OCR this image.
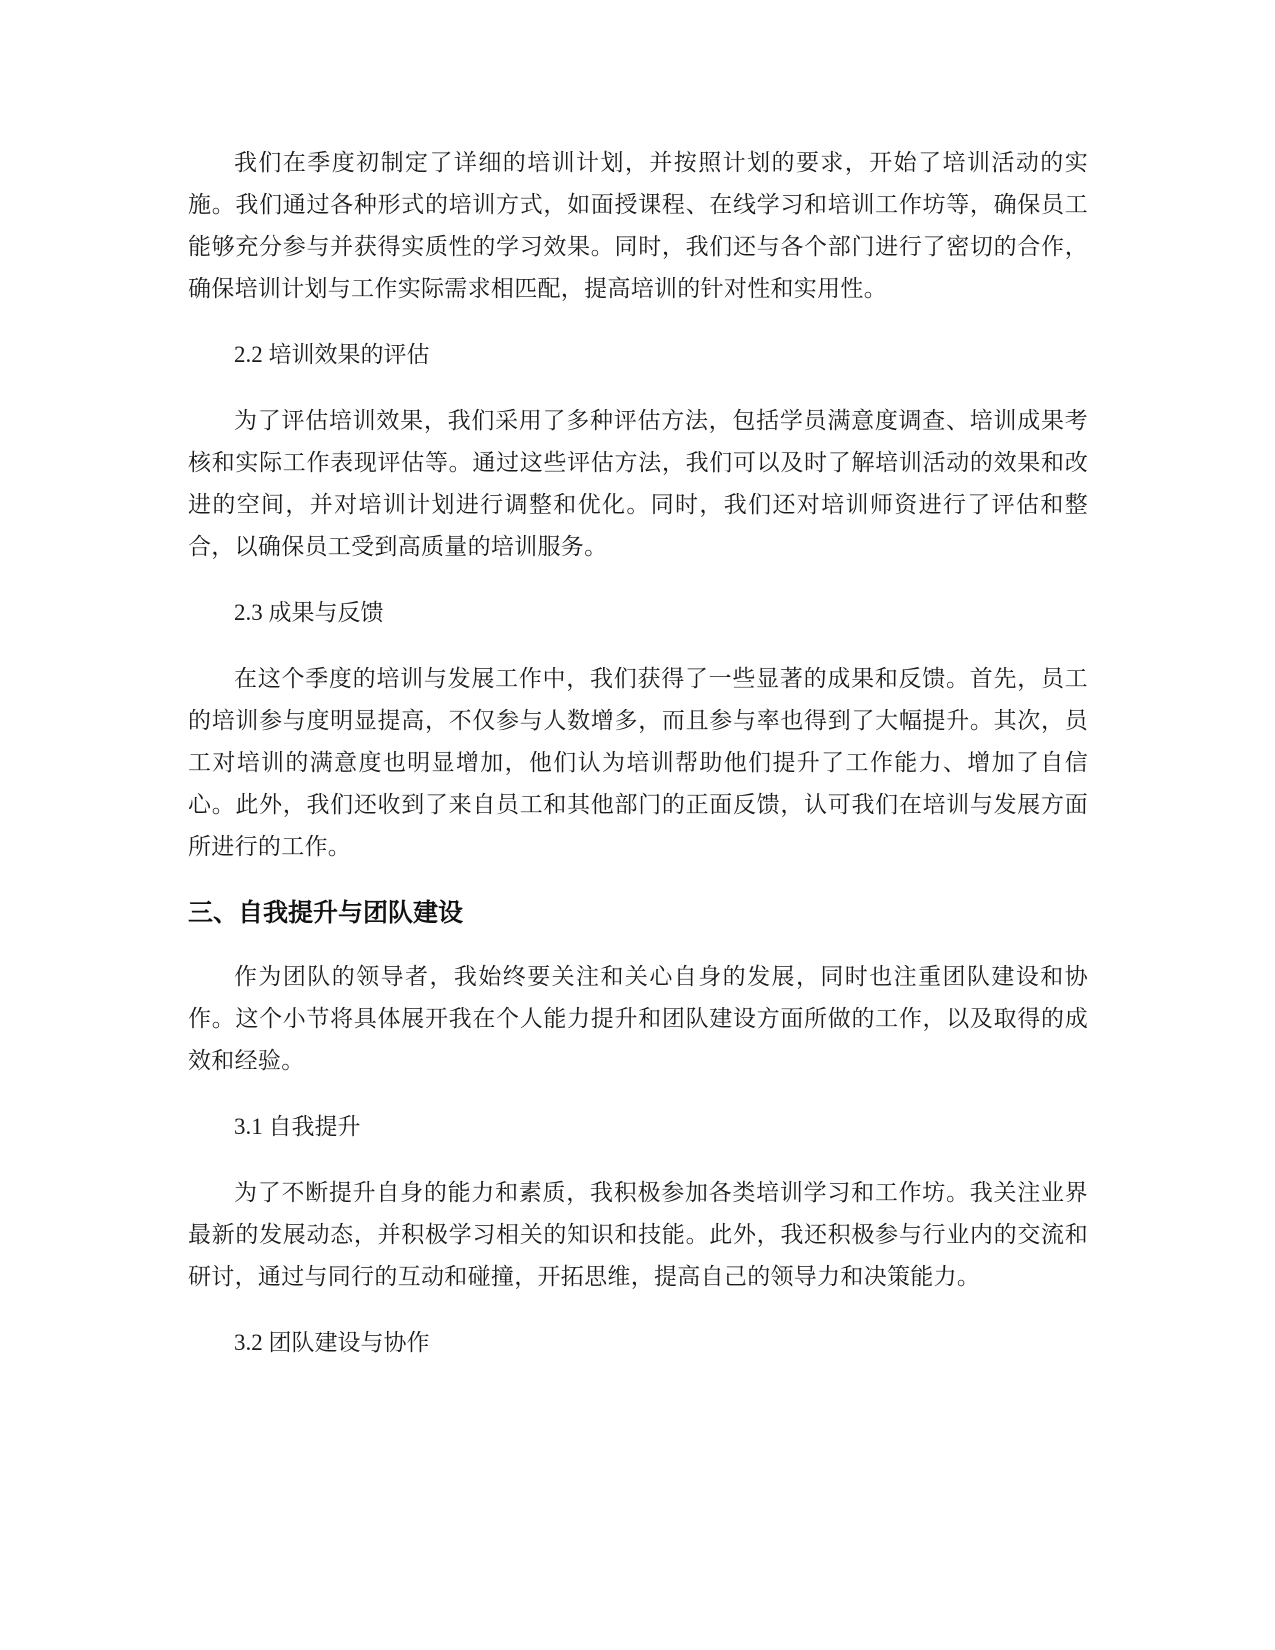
我们在季度初制定了详细的培训计划，并按照计划的要求，开始了培训活动的实施。我们通过各种形式的培训方式，如面授课程、在线学习和培训工作坊等，确保员工能够充分参与并获得实质性的学习效果。同时，我们还与各个部门进行了密切的合作，确保培训计划与工作实际需求相匹配，提高培训的针对性和实用性。

2.2 培训效果的评估

为了评估培训效果，我们采用了多种评估方法，包括学员满意度调查、培训成果考核和实际工作表现评估等。通过这些评估方法，我们可以及时了解培训活动的效果和改进的空间，并对培训计划进行调整和优化。同时，我们还对培训师资进行了评估和整合，以确保员工受到高质量的培训服务。

2.3 成果与反馈

在这个季度的培训与发展工作中，我们获得了一些显著的成果和反馈。首先，员工的培训参与度明显提高，不仅参与人数增多，而且参与率也得到了大幅提升。其次，员工对培训的满意度也明显增加，他们认为培训帮助他们提升了工作能力、增加了自信心。此外，我们还收到了来自员工和其他部门的正面反馈，认可我们在培训与发展方面所进行的工作。

三、自我提升与团队建设

作为团队的领导者，我始终要关注和关心自身的发展，同时也注重团队建设和协作。这个小节将具体展开我在个人能力提升和团队建设方面所做的工作，以及取得的成效和经验。

3.1 自我提升

为了不断提升自身的能力和素质，我积极参加各类培训学习和工作坊。我关注业界最新的发展动态，并积极学习相关的知识和技能。此外，我还积极参与行业内的交流和研讨，通过与同行的互动和碰撞，开拓思维，提高自己的领导力和决策能力。

3.2 团队建设与协作
